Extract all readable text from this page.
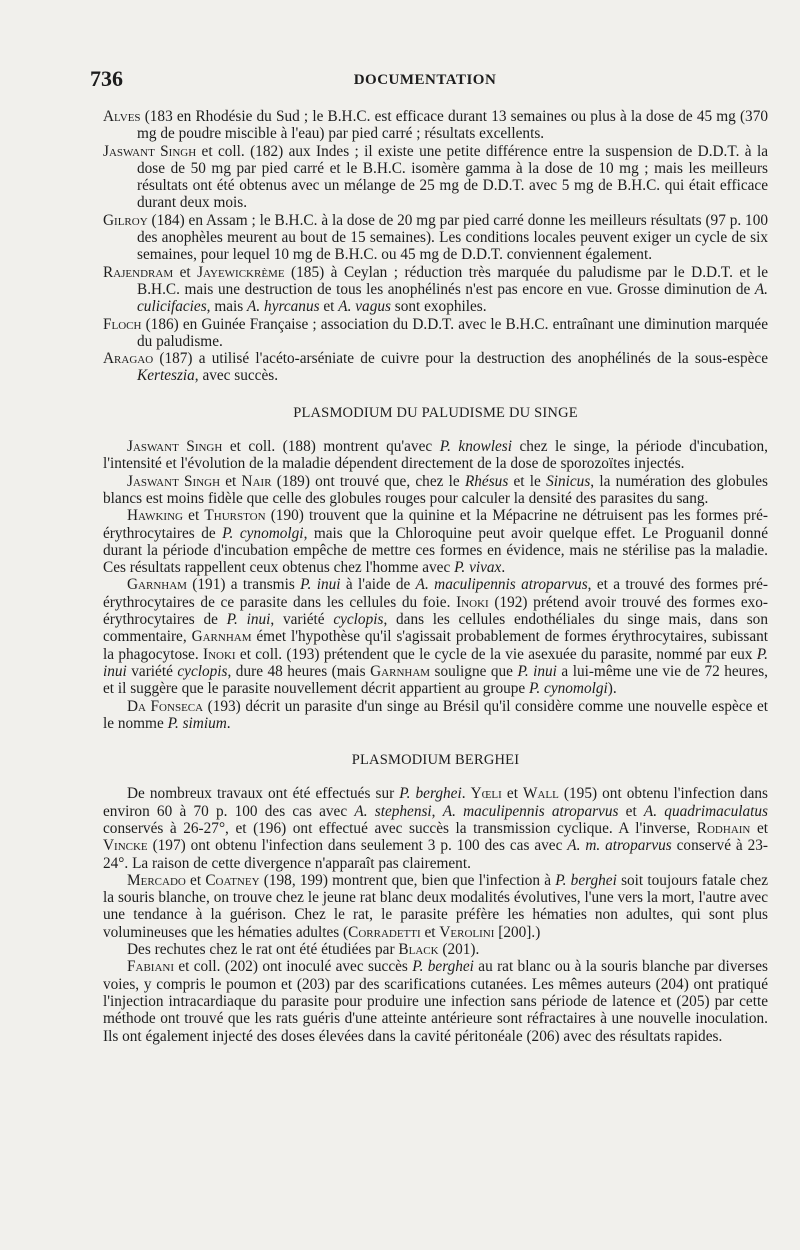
736	DOCUMENTATION

Alves (183 en Rhodésie du Sud ; le B.H.C. est efficace durant 13 semaines ou plus à la dose de 45 mg (370 mg de poudre miscible à l'eau) par pied carré ; résultats excellents.

Jaswant Singh et coll. (182) aux Indes ; il existe une petite différence entre la suspension de D.D.T. à la dose de 50 mg par pied carré et le B.H.C. isomère gamma à la dose de 10 mg ; mais les meilleurs résultats ont été obtenus avec un mélange de 25 mg de D.D.T. avec 5 mg de B.H.C. qui était efficace durant deux mois.

Gilroy (184) en Assam ; le B.H.C. à la dose de 20 mg par pied carré donne les meilleurs résultats (97 p. 100 des anophèles meurent au bout de 15 semaines). Les conditions locales peuvent exiger un cycle de six semaines, pour lequel 10 mg de B.H.C. ou 45 mg de D.D.T. conviennent également.

Rajendram et Jayewickrème (185) à Ceylan ; réduction très marquée du paludisme par le D.D.T. et le B.H.C. mais une destruction de tous les anophélinés n'est pas encore en vue. Grosse diminution de A. culicifacies, mais A. hyrcanus et A. vagus sont exophiles.

Floch (186) en Guinée Française ; association du D.D.T. avec le B.H.C. entraînant une diminution marquée du paludisme.

Aragao (187) a utilisé l'acéto-arséniate de cuivre pour la destruction des anophélinés de la sous-espèce Kerteszia, avec succès.

PLASMODIUM DU PALUDISME DU SINGE

Jaswant Singh et coll. (188) montrent qu'avec P. knowlesi chez le singe, la période d'incubation, l'intensité et l'évolution de la maladie dépendent directement de la dose de sporozoïtes injectés.

Jaswant Singh et Nair (189) ont trouvé que, chez le Rhésus et le Sinicus, la numération des globules blancs est moins fidèle que celle des globules rouges pour calculer la densité des parasites du sang.

Hawking et Thurston (190) trouvent que la quinine et la Mépacrine ne détruisent pas les formes pré-érythrocytaires de P. cynomolgi, mais que la Chloroquine peut avoir quelque effet. Le Proguanil donné durant la période d'incubation empêche de mettre ces formes en évidence, mais ne stérilise pas la maladie. Ces résultats rappellent ceux obtenus chez l'homme avec P. vivax.

Garnham (191) a transmis P. inui à l'aide de A. maculipennis atroparvus, et a trouvé des formes pré-érythrocytaires de ce parasite dans les cellules du foie. Inoki (192) prétend avoir trouvé des formes exo-érythrocytaires de P. inui, variété cyclopis, dans les cellules endothéliales du singe mais, dans son commentaire, Garnham émet l'hypothèse qu'il s'agissait probablement de formes érythrocytaires, subissant la phagocytose. Inoki et coll. (193) prétendent que le cycle de la vie asexuée du parasite, nommé par eux P. inui variété cyclopis, dure 48 heures (mais Garnham souligne que P. inui a lui-même une vie de 72 heures, et il suggère que le parasite nouvellement décrit appartient au groupe P. cynomolgi).

Da Fonseca (193) décrit un parasite d'un singe au Brésil qu'il considère comme une nouvelle espèce et le nomme P. simium.

PLASMODIUM BERGHEI

De nombreux travaux ont été effectués sur P. berghei. Yœli et Wall (195) ont obtenu l'infection dans environ 60 à 70 p. 100 des cas avec A. stephensi, A. maculipennis atroparvus et A. quadrimaculatus conservés à 26-27°, et (196) ont effectué avec succès la transmission cyclique. A l'inverse, Rodhain et Vincke (197) ont obtenu l'infection dans seulement 3 p. 100 des cas avec A. m. atroparvus conservé à 23-24°. La raison de cette divergence n'apparaît pas clairement.

Mercado et Coatney (198, 199) montrent que, bien que l'infection à P. berghei soit toujours fatale chez la souris blanche, on trouve chez le jeune rat blanc deux modalités évolutives, l'une vers la mort, l'autre avec une tendance à la guérison. Chez le rat, le parasite préfère les hématies non adultes, qui sont plus volumineuses que les hématies adultes (Corradetti et Verolini [200].)

Des rechutes chez le rat ont été étudiées par Black (201).

Fabiani et coll. (202) ont inoculé avec succès P. berghei au rat blanc ou à la souris blanche par diverses voies, y compris le poumon et (203) par des scarifications cutanées. Les mêmes auteurs (204) ont pratiqué l'injection intracardiaque du parasite pour produire une infection sans période de latence et (205) par cette méthode ont trouvé que les rats guéris d'une atteinte antérieure sont réfractaires à une nouvelle inoculation. Ils ont également injecté des doses élevées dans la cavité péritonéale (206) avec des résultats rapides.
